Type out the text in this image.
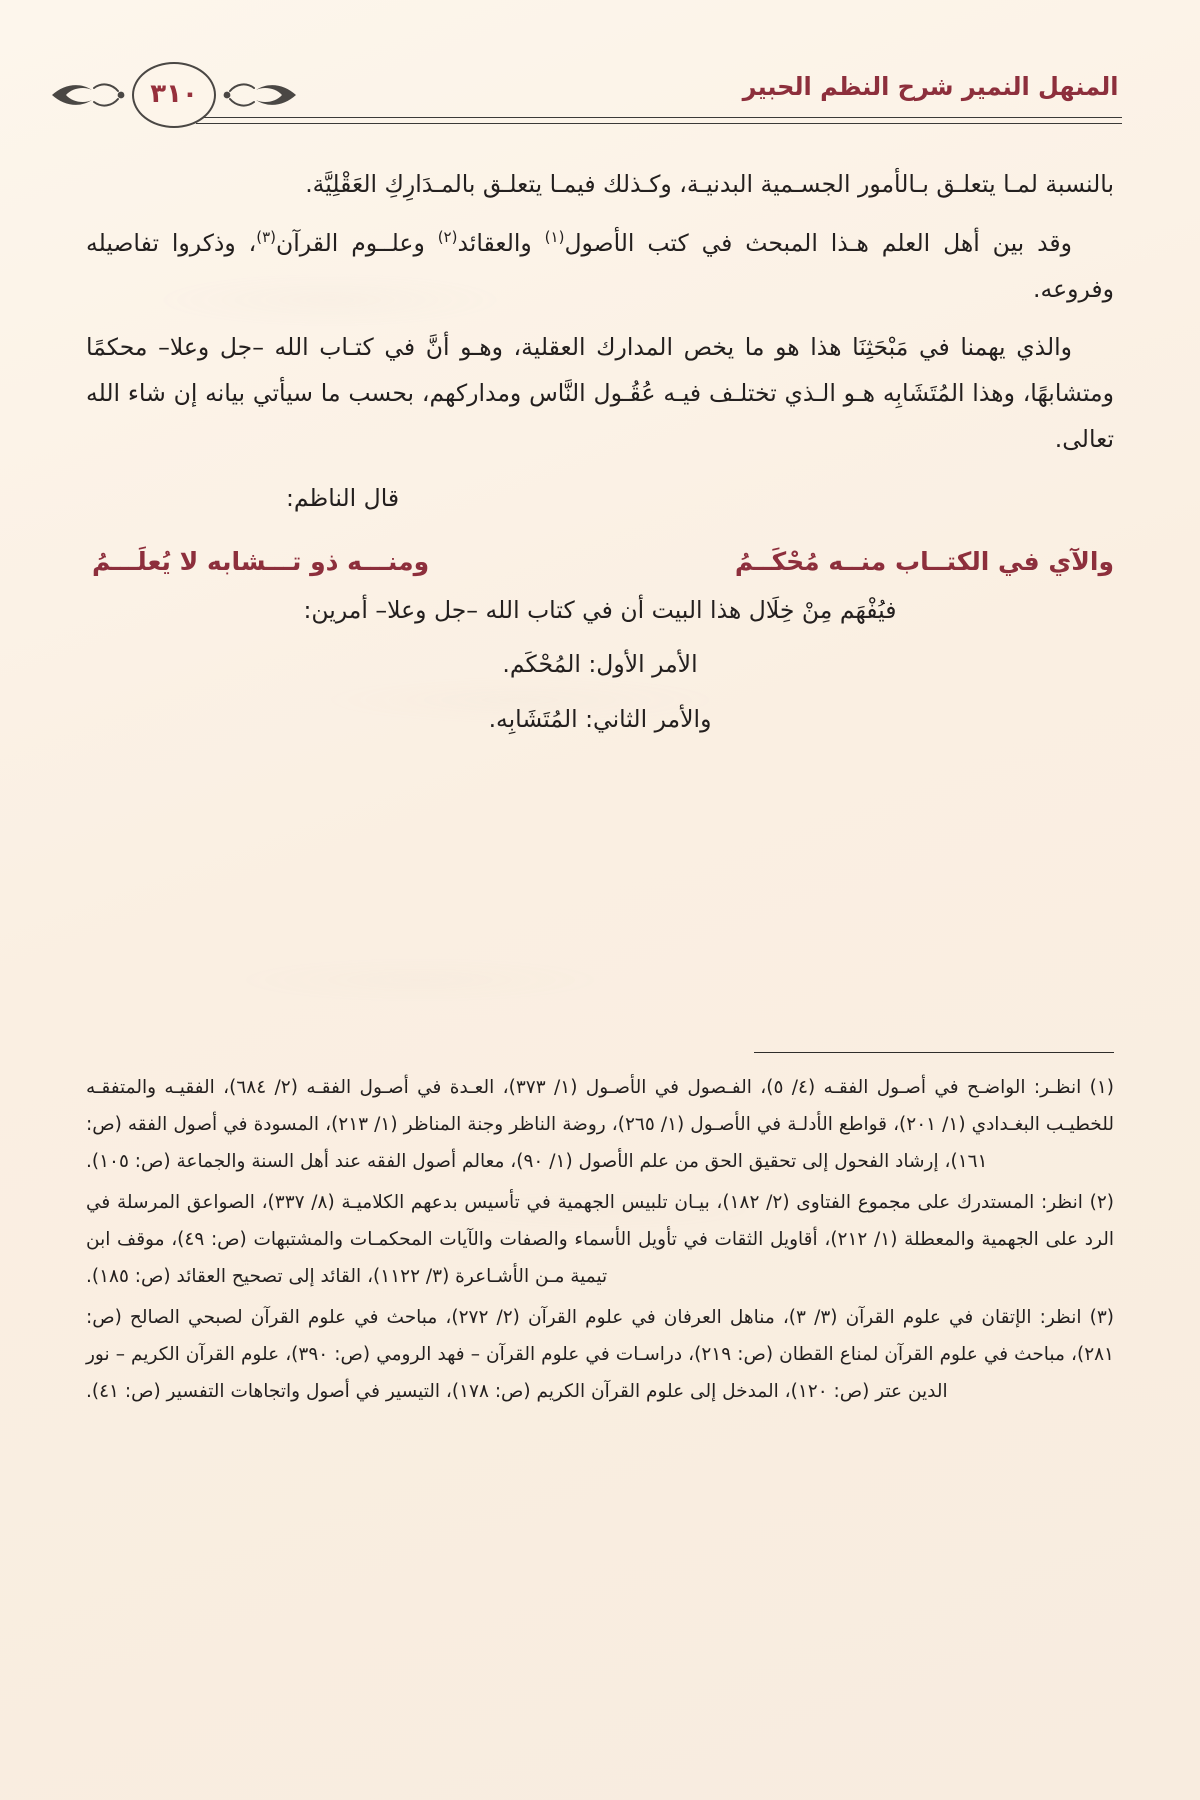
المنهل النمير شرح النظم الحبير
٣١٠

بالنسبة لمـا يتعلـق بـالأمور الجسـمية البدنيـة، وكـذلك فيمـا يتعلـق بالمـدَارِكِ العَقْلِيَّة.

وقد بين أهل العلم هـذا المبحث في كتب الأصول$^{(١)}$ والعقائد$^{(٢)}$ وعلــوم القرآن$^{(٣)}$، وذكروا تفاصيله وفروعه.

والذي يهمنا في مَبْحَثِنَا هذا هو ما يخص المدارك العقلية، وهـو أنَّ في كتـاب الله –جل وعلا– محكمًا ومتشابهًا، وهذا المُتَشَابِه هـو الـذي تختلـف فيـه عُقُـول النَّاس ومداركهم، بحسب ما سيأتي بيانه إن شاء الله تعالى.

قال الناظم:
والآي في الكتــاب منــه مُحْكَــمُ
ومنـــه ذو تـــشابه لا يُعلَـــمُ
فيُفْهَم مِنْ خِلَال هذا البيت أن في كتاب الله –جل وعلا– أمرين:
الأمر الأول: المُحْكَم.
والأمر الثاني: المُتَشَابِه.

(١) انظـر: الواضـح في أصـول الفقـه (٤/ ٥)، الفـصول في الأصـول (١/ ٣٧٣)، العـدة في أصـول الفقـه (٢/ ٦٨٤)، الفقيـه والمتفقـه للخطيـب البغـدادي (١/ ٢٠١)، قواطع الأدلـة في الأصـول (١/ ٢٦٥)، روضة الناظر وجنة المناظر (١/ ٢١٣)، المسودة في أصول الفقه (ص: ١٦١)، إرشاد الفحول إلى تحقيق الحق من علم الأصول (١/ ٩٠)، معالم أصول الفقه عند أهل السنة والجماعة (ص: ١٠٥).

(٢) انظر: المستدرك على مجموع الفتاوى (٢/ ١٨٢)، بيـان تلبيس الجهمية في تأسيس بدعهم الكلاميـة (٨/ ٣٣٧)، الصواعق المرسلة في الرد على الجهمية والمعطلة (١/ ٢١٢)، أقاويل الثقات في تأويل الأسماء والصفات والآيات المحكمـات والمشتبهات (ص: ٤٩)، موقف ابن تيمية مـن الأشـاعرة (٣/ ١١٢٢)، القائد إلى تصحيح العقائد (ص: ١٨٥).

(٣) انظر: الإتقان في علوم القرآن (٣/ ٣)، مناهل العرفان في علوم القرآن (٢/ ٢٧٢)، مباحث في علوم القرآن لصبحي الصالح (ص: ٢٨١)، مباحث في علوم القرآن لمناع القطان (ص: ٢١٩)، دراسـات في علوم القرآن – فهد الرومي (ص: ٣٩٠)، علوم القرآن الكريم – نور الدين عتر (ص: ١٢٠)، المدخل إلى علوم القرآن الكريم (ص: ١٧٨)، التيسير في أصول واتجاهات التفسير (ص: ٤١).
